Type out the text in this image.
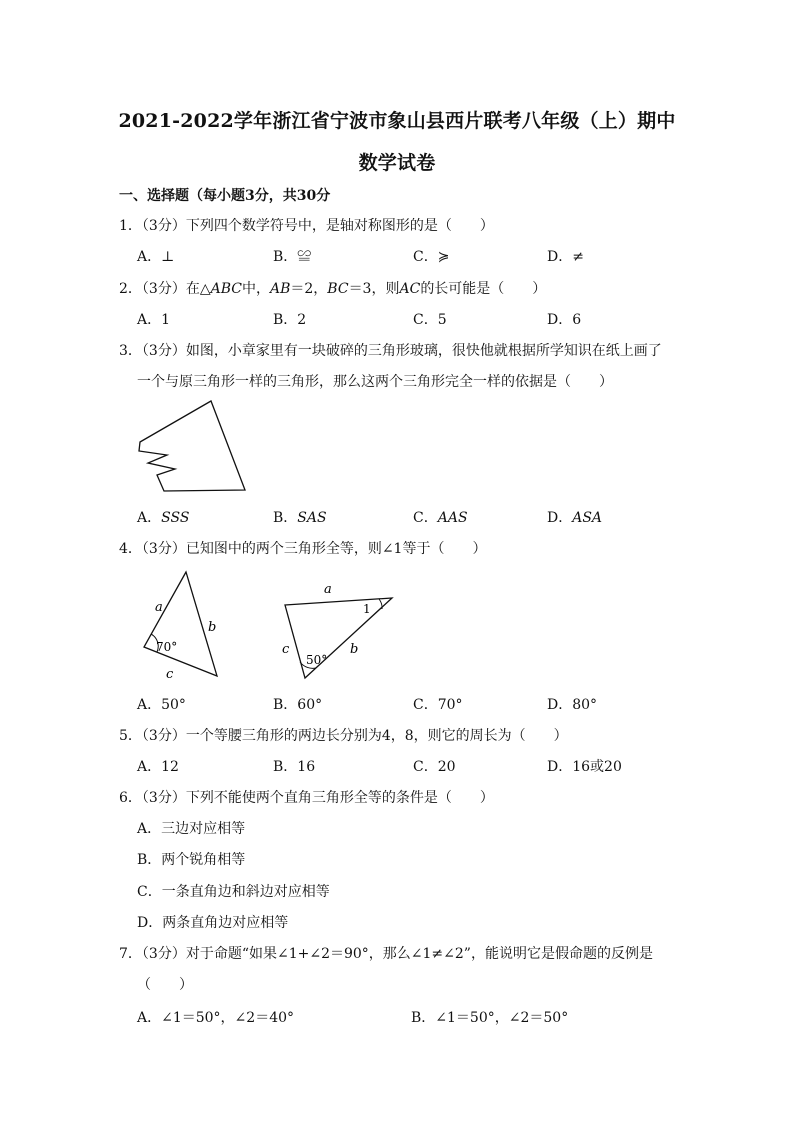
2021-2022学年浙江省宁波市象山县西片联考八年级（上）期中
数学试卷
一、选择题（每小题3分，共30分
1．（3分）下列四个数学符号中，是轴对称图形的是（　　）
A．⊥	B．≌	C．≽	D．≠
2．（3分）在△ABC中，AB＝2，BC＝3，则AC的长可能是（　　）
A．1	B．2	C．5	D．6
3．（3分）如图，小章家里有一块破碎的三角形玻璃，很快他就根据所学知识在纸上画了
一个与原三角形一样的三角形，那么这两个三角形完全一样的依据是（　　）
A．SSS	B．SAS	C．AAS	D．ASA
4．（3分）已知图中的两个三角形全等，则∠1等于（　　）
a
b
c
70°
a
b
c
50°
1
A．50°	B．60°	C．70°	D．80°
5．（3分）一个等腰三角形的两边长分别为4，8，则它的周长为（　　）
A．12	B．16	C．20	D．16或20
6．（3分）下列不能使两个直角三角形全等的条件是（　　）
A．三边对应相等
B．两个锐角相等
C．一条直角边和斜边对应相等
D．两条直角边对应相等
7．（3分）对于命题“如果∠1+∠2＝90°，那么∠1≠∠2”，能说明它是假命题的反例是
（　　）
A．∠1＝50°，∠2＝40°	B．∠1＝50°，∠2＝50°
